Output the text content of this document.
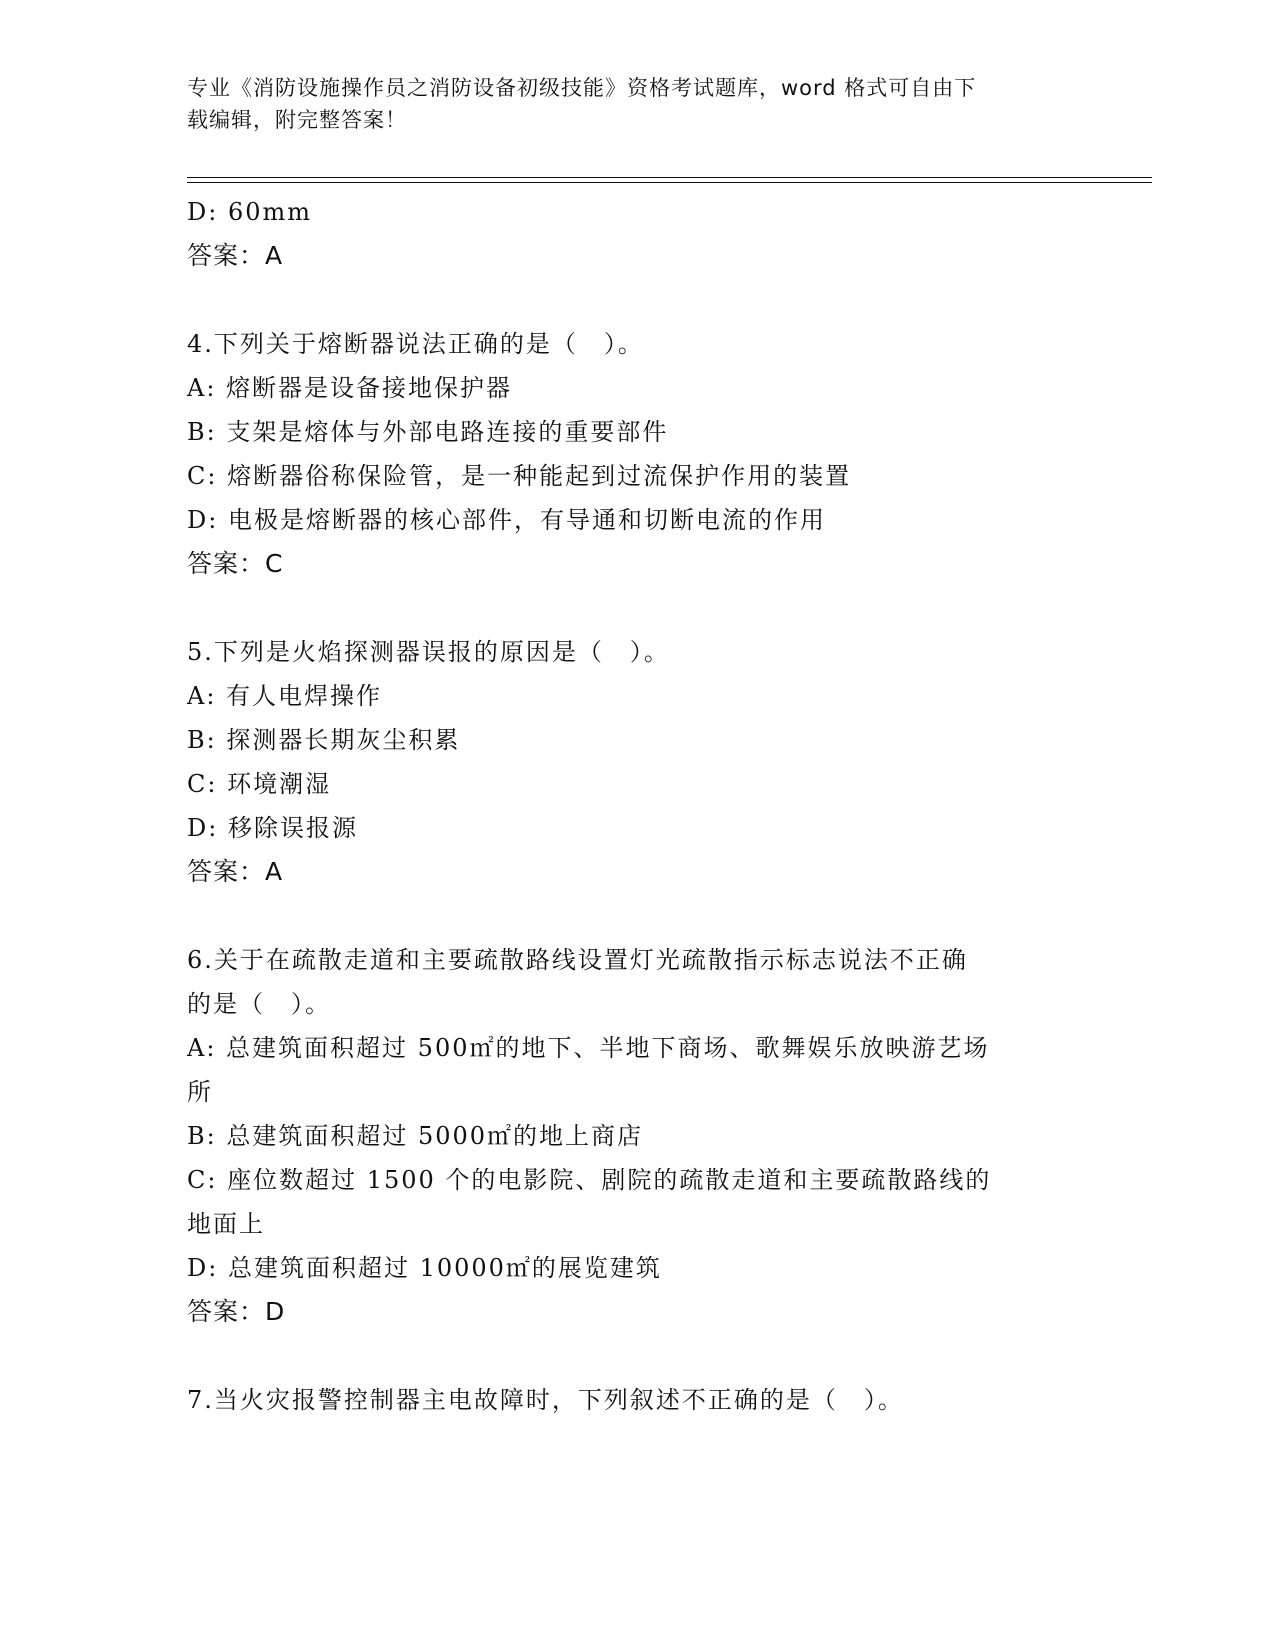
专业《消防设施操作员之消防设备初级技能》资格考试题库，word 格式可自由下
载编辑，附完整答案！
D: 60mm
答案：A
4.下列关于熔断器说法正确的是（　）。
A: 熔断器是设备接地保护器
B: 支架是熔体与外部电路连接的重要部件
C: 熔断器俗称保险管，是一种能起到过流保护作用的装置
D: 电极是熔断器的核心部件，有导通和切断电流的作用
答案：C
5.下列是火焰探测器误报的原因是（　）。
A: 有人电焊操作
B: 探测器长期灰尘积累
C: 环境潮湿
D: 移除误报源
答案：A
6.关于在疏散走道和主要疏散路线设置灯光疏散指示标志说法不正确
的是（　）。
A: 总建筑面积超过 500㎡的地下、半地下商场、歌舞娱乐放映游艺场
所
B: 总建筑面积超过 5000㎡的地上商店
C: 座位数超过 1500 个的电影院、剧院的疏散走道和主要疏散路线的
地面上
D: 总建筑面积超过 10000㎡的展览建筑
答案：D
7.当火灾报警控制器主电故障时，下列叙述不正确的是（　）。
